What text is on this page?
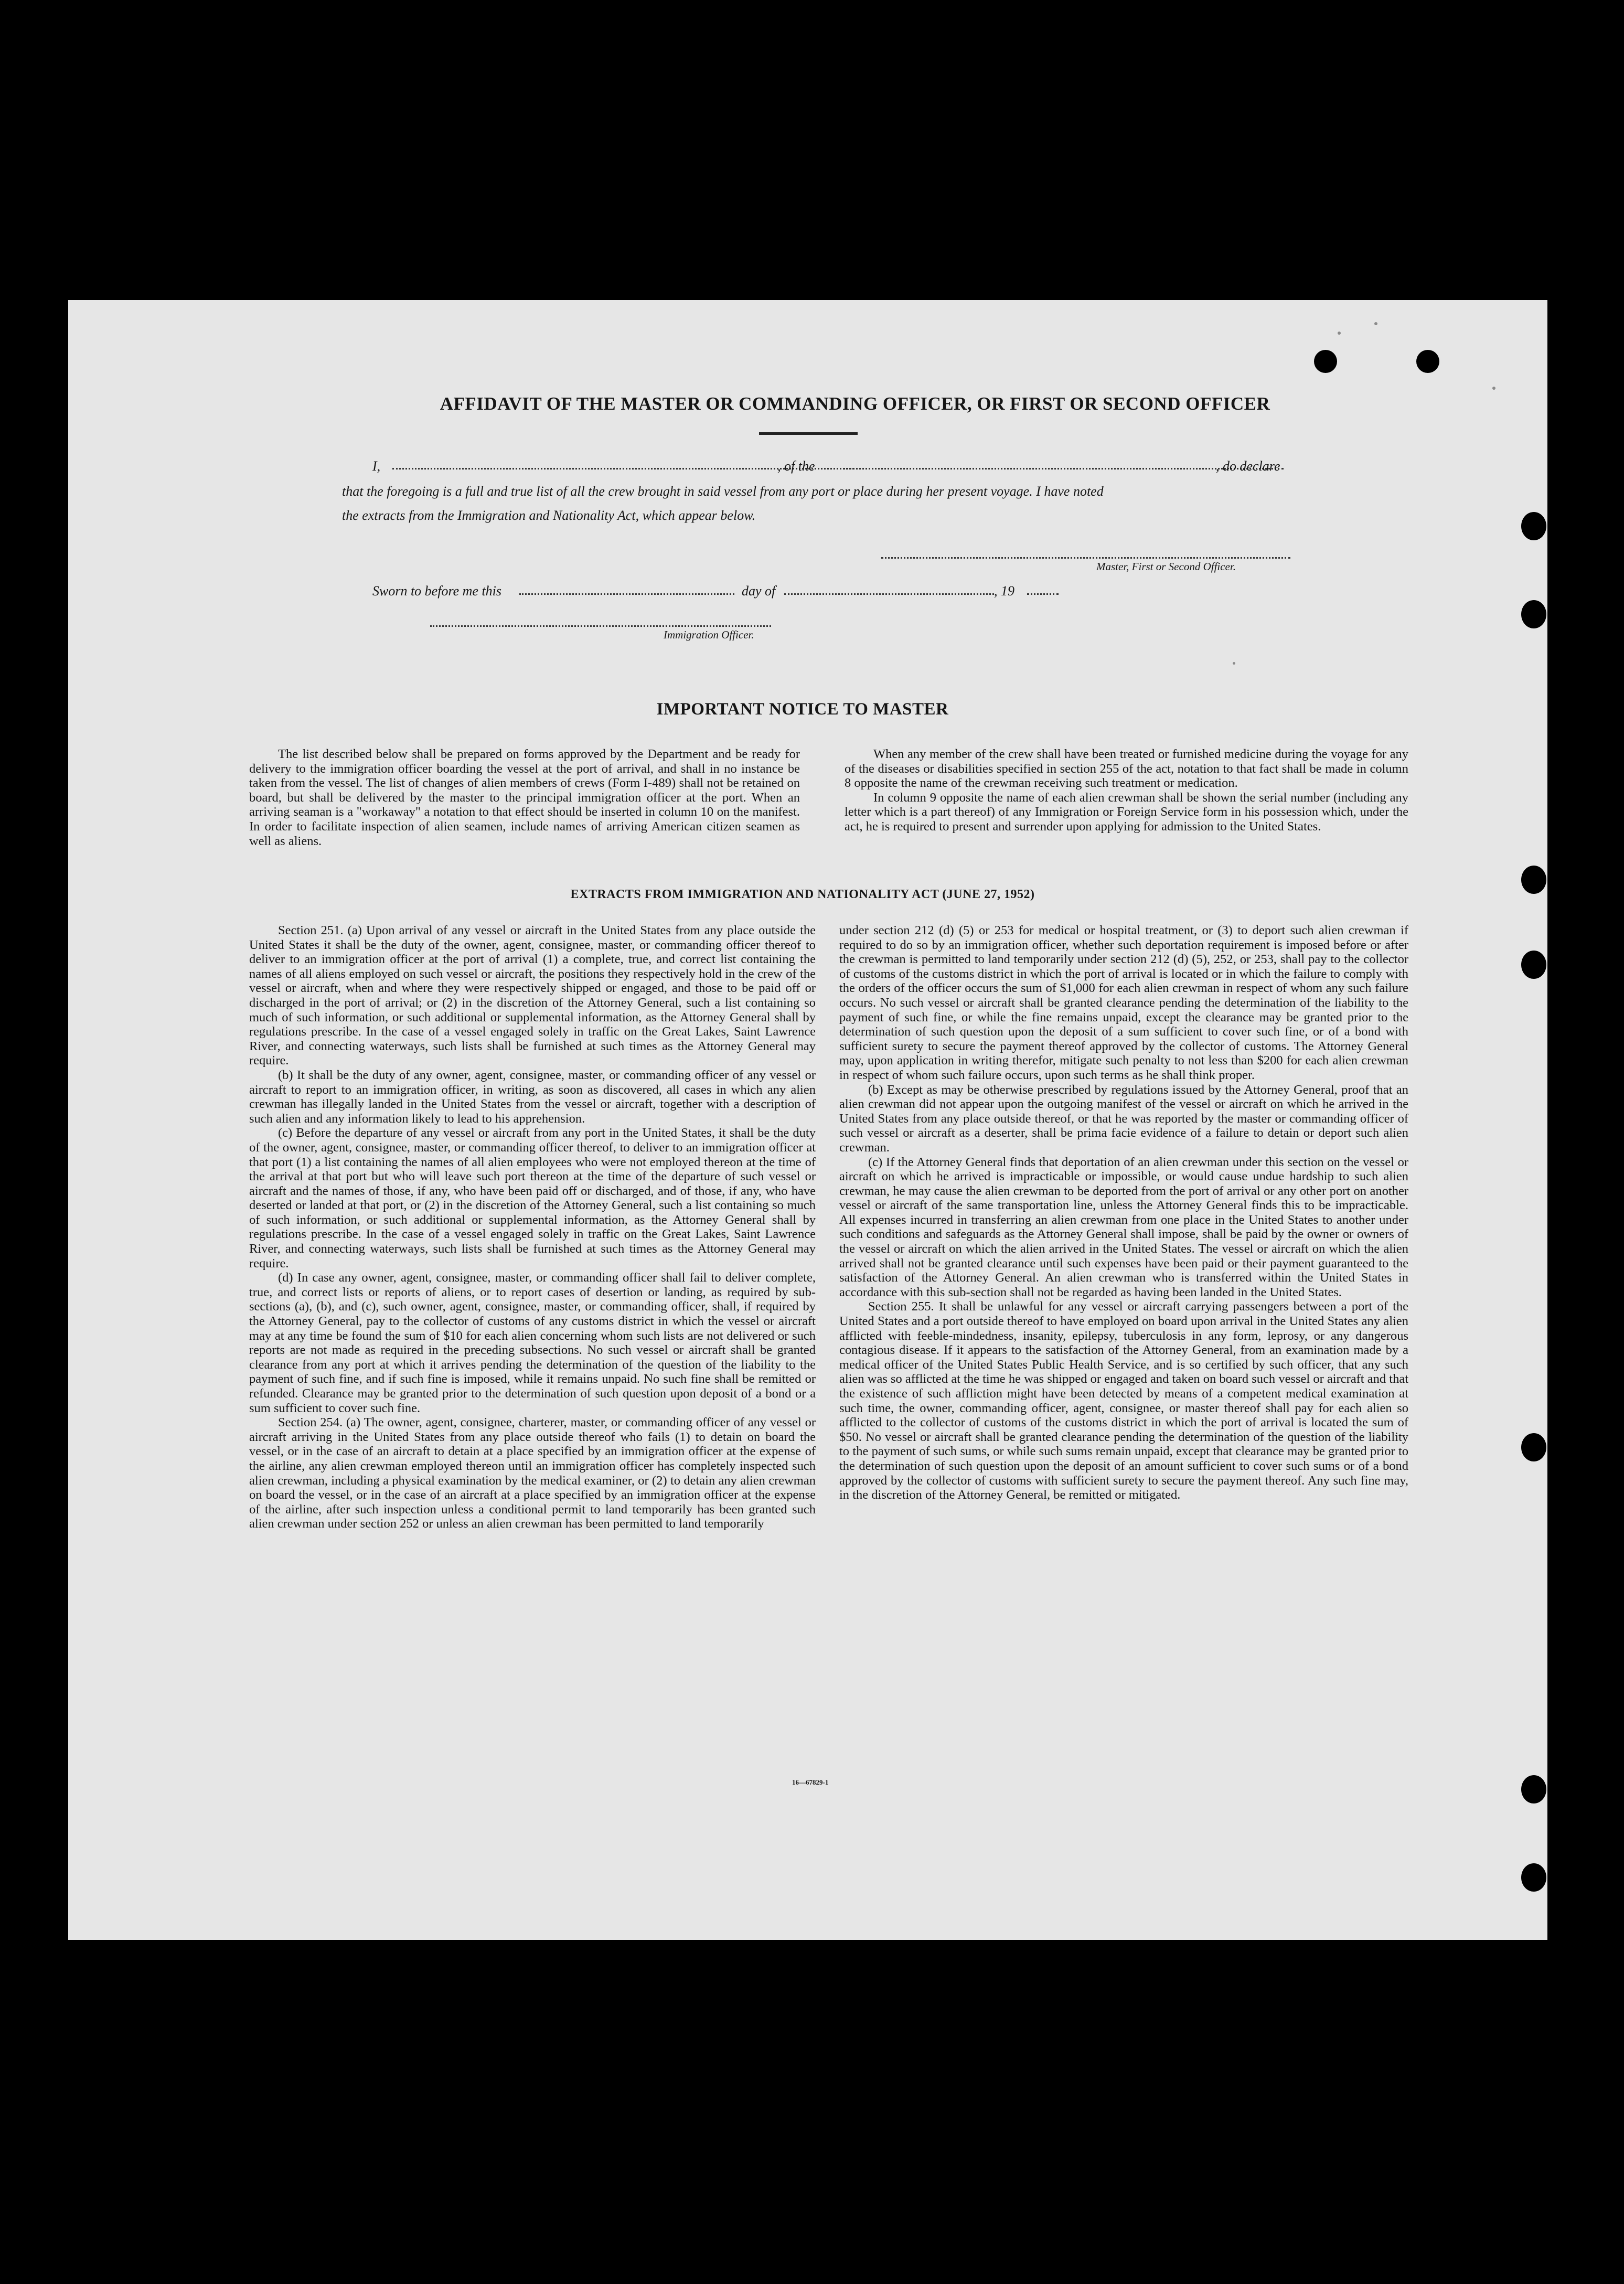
AFFIDAVIT OF THE MASTER OR COMMANDING OFFICER, OR FIRST OR SECOND OFFICER
I,	, of the	, do declare
that the foregoing is a full and true list of all the crew brought in said vessel from any port or place during her present voyage. I have noted
the extracts from the Immigration and Nationality Act, which appear below.
Master, First or Second Officer.
Sworn to before me this	day of	, 19
Immigration Officer.
IMPORTANT NOTICE TO MASTER

The list described below shall be prepared on forms approved by the Department and be ready for delivery to the immigration officer boarding the vessel at the port of arrival, and shall in no instance be taken from the vessel. The list of changes of alien members of crews (Form I-489) shall not be retained on board, but shall be delivered by the master to the principal immigration officer at the port. When an arriving seaman is a "workaway" a notation to that effect should be inserted in column 10 on the manifest. In order to facilitate inspection of alien seamen, include names of arriving American citizen seamen as well as aliens.

When any member of the crew shall have been treated or furnished medicine during the voyage for any of the diseases or disabilities specified in section 255 of the act, notation to that fact shall be made in column 8 opposite the name of the crewman receiving such treatment or medication.

In column 9 opposite the name of each alien crewman shall be shown the serial number (including any letter which is a part thereof) of any Immigration or Foreign Service form in his possession which, under the act, he is required to present and surrender upon applying for admission to the United States.

EXTRACTS FROM IMMIGRATION AND NATIONALITY ACT (JUNE 27, 1952)

Section 251. (a) Upon arrival of any vessel or aircraft in the United States from any place outside the United States it shall be the duty of the owner, agent, consignee, master, or commanding officer thereof to deliver to an immigration officer at the port of arrival (1) a complete, true, and correct list containing the names of all aliens employed on such vessel or aircraft, the positions they respectively hold in the crew of the vessel or aircraft, when and where they were respectively shipped or engaged, and those to be paid off or discharged in the port of arrival; or (2) in the discretion of the Attorney General, such a list containing so much of such information, or such additional or supplemental information, as the Attorney General shall by regulations prescribe. In the case of a vessel engaged solely in traffic on the Great Lakes, Saint Lawrence River, and connecting waterways, such lists shall be furnished at such times as the Attorney General may require.

(b) It shall be the duty of any owner, agent, consignee, master, or commanding officer of any vessel or aircraft to report to an immigration officer, in writing, as soon as discovered, all cases in which any alien crewman has illegally landed in the United States from the vessel or aircraft, together with a description of such alien and any information likely to lead to his apprehension.

(c) Before the departure of any vessel or aircraft from any port in the United States, it shall be the duty of the owner, agent, consignee, master, or commanding officer thereof, to deliver to an immigration officer at that port (1) a list containing the names of all alien employees who were not employed thereon at the time of the arrival at that port but who will leave such port thereon at the time of the departure of such vessel or aircraft and the names of those, if any, who have been paid off or discharged, and of those, if any, who have deserted or landed at that port, or (2) in the discretion of the Attorney General, such a list containing so much of such information, or such additional or supplemental information, as the Attorney General shall by regulations prescribe. In the case of a vessel engaged solely in traffic on the Great Lakes, Saint Lawrence River, and connecting waterways, such lists shall be furnished at such times as the Attorney General may require.

(d) In case any owner, agent, consignee, master, or commanding officer shall fail to deliver complete, true, and correct lists or reports of aliens, or to report cases of desertion or landing, as required by sub-sections (a), (b), and (c), such owner, agent, consignee, master, or commanding officer, shall, if required by the Attorney General, pay to the collector of customs of any customs district in which the vessel or aircraft may at any time be found the sum of $10 for each alien concerning whom such lists are not delivered or such reports are not made as required in the preceding subsections. No such vessel or aircraft shall be granted clearance from any port at which it arrives pending the determination of the question of the liability to the payment of such fine, and if such fine is imposed, while it remains unpaid. No such fine shall be remitted or refunded. Clearance may be granted prior to the determination of such question upon deposit of a bond or a sum sufficient to cover such fine.

Section 254. (a) The owner, agent, consignee, charterer, master, or commanding officer of any vessel or aircraft arriving in the United States from any place outside thereof who fails (1) to detain on board the vessel, or in the case of an aircraft to detain at a place specified by an immigration officer at the expense of the airline, any alien crewman employed thereon until an immigration officer has completely inspected such alien crewman, including a physical examination by the medical examiner, or (2) to detain any alien crewman on board the vessel, or in the case of an aircraft at a place specified by an immigration officer at the expense of the airline, after such inspection unless a conditional permit to land temporarily has been granted such alien crewman under section 252 or unless an alien crewman has been permitted to land temporarily

under section 212 (d) (5) or 253 for medical or hospital treatment, or (3) to deport such alien crewman if required to do so by an immigration officer, whether such deportation requirement is imposed before or after the crewman is permitted to land temporarily under section 212 (d) (5), 252, or 253, shall pay to the collector of customs of the customs district in which the port of arrival is located or in which the failure to comply with the orders of the officer occurs the sum of $1,000 for each alien crewman in respect of whom any such failure occurs. No such vessel or aircraft shall be granted clearance pending the determination of the liability to the payment of such fine, or while the fine remains unpaid, except the clearance may be granted prior to the determination of such question upon the deposit of a sum sufficient to cover such fine, or of a bond with sufficient surety to secure the payment thereof approved by the collector of customs. The Attorney General may, upon application in writing therefor, mitigate such penalty to not less than $200 for each alien crewman in respect of whom such failure occurs, upon such terms as he shall think proper.

(b) Except as may be otherwise prescribed by regulations issued by the Attorney General, proof that an alien crewman did not appear upon the outgoing manifest of the vessel or aircraft on which he arrived in the United States from any place outside thereof, or that he was reported by the master or commanding officer of such vessel or aircraft as a deserter, shall be prima facie evidence of a failure to detain or deport such alien crewman.

(c) If the Attorney General finds that deportation of an alien crewman under this section on the vessel or aircraft on which he arrived is impracticable or impossible, or would cause undue hardship to such alien crewman, he may cause the alien crewman to be deported from the port of arrival or any other port on another vessel or aircraft of the same transportation line, unless the Attorney General finds this to be impracticable. All expenses incurred in transferring an alien crewman from one place in the United States to another under such conditions and safeguards as the Attorney General shall impose, shall be paid by the owner or owners of the vessel or aircraft on which the alien arrived in the United States. The vessel or aircraft on which the alien arrived shall not be granted clearance until such expenses have been paid or their payment guaranteed to the satisfaction of the Attorney General. An alien crewman who is transferred within the United States in accordance with this sub-section shall not be regarded as having been landed in the United States.

Section 255. It shall be unlawful for any vessel or aircraft carrying passengers between a port of the United States and a port outside thereof to have employed on board upon arrival in the United States any alien afflicted with feeble-mindedness, insanity, epilepsy, tuberculosis in any form, leprosy, or any dangerous contagious disease. If it appears to the satisfaction of the Attorney General, from an examination made by a medical officer of the United States Public Health Service, and is so certified by such officer, that any such alien was so afflicted at the time he was shipped or engaged and taken on board such vessel or aircraft and that the existence of such affliction might have been detected by means of a competent medical examination at such time, the owner, commanding officer, agent, consignee, or master thereof shall pay for each alien so afflicted to the collector of customs of the customs district in which the port of arrival is located the sum of $50. No vessel or aircraft shall be granted clearance pending the determination of the question of the liability to the payment of such sums, or while such sums remain unpaid, except that clearance may be granted prior to the determination of such question upon the deposit of an amount sufficient to cover such sums or of a bond approved by the collector of customs with sufficient surety to secure the payment thereof. Any such fine may, in the discretion of the Attorney General, be remitted or mitigated.

16—67829-1
